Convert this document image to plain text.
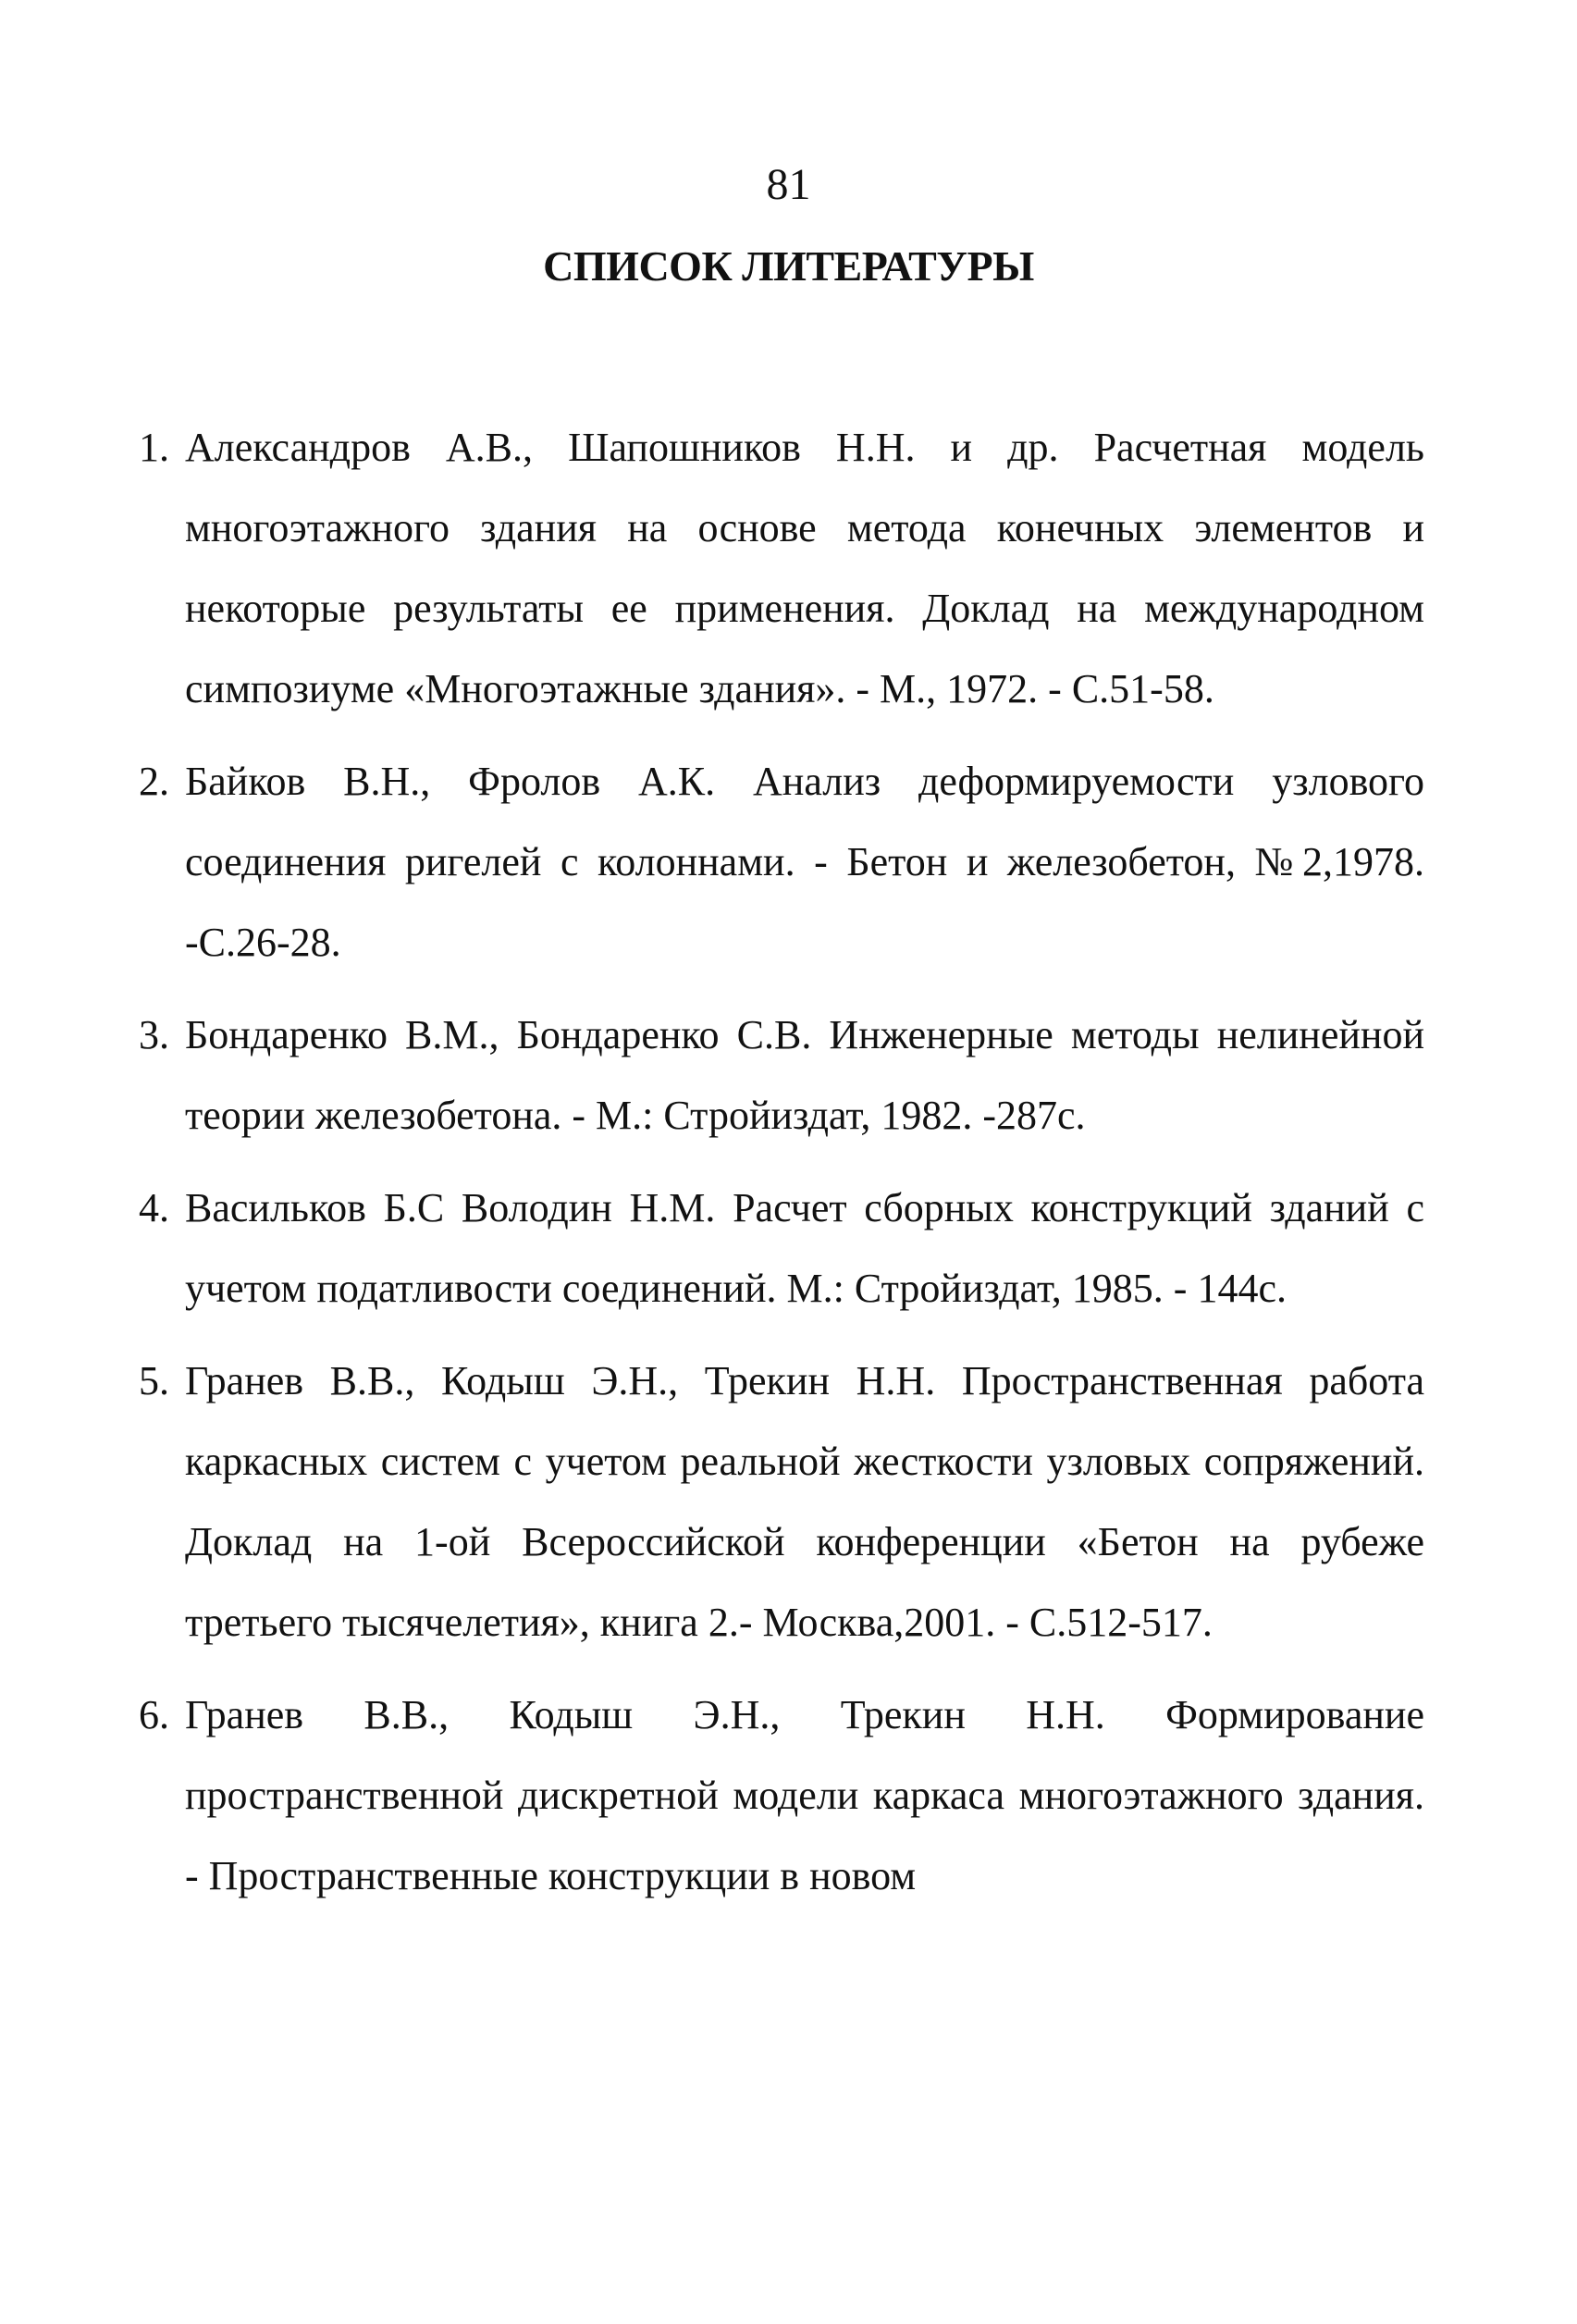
81
СПИСОК ЛИТЕРАТУРЫ
1. Александров А.В., Шапошников Н.Н. и др. Расчетная модель многоэтажного здания на основе метода конечных элементов и некоторые результаты ее применения. Доклад на международном симпозиуме «Многоэтажные здания». - М., 1972. - С.51-58.
2. Байков В.Н., Фролов А.К. Анализ деформируемости узлового соединения ригелей с колоннами. - Бетон и железобетон, №2,1978. -С.26-28.
3. Бондаренко В.М., Бондаренко С.В. Инженерные методы нелинейной теории железобетона. - М.: Стройиздат, 1982. -287с.
4. Васильков Б.С Володин Н.М. Расчет сборных конструкций зданий с учетом податливости соединений. М.: Стройиздат, 1985. - 144с.
5. Гранев В.В., Кодыш Э.Н., Трекин Н.Н. Пространственная работа каркасных систем с учетом реальной жесткости узловых сопряжений. Доклад на 1-ой Всероссийской конференции «Бетон на рубеже третьего тысячелетия», книга 2.- Москва,2001. - С.512-517.
6. Гранев В.В., Кодыш Э.Н., Трекин Н.Н. Формирование пространственной дискретной модели каркаса многоэтажного здания. - Пространственные конструкции в новом
